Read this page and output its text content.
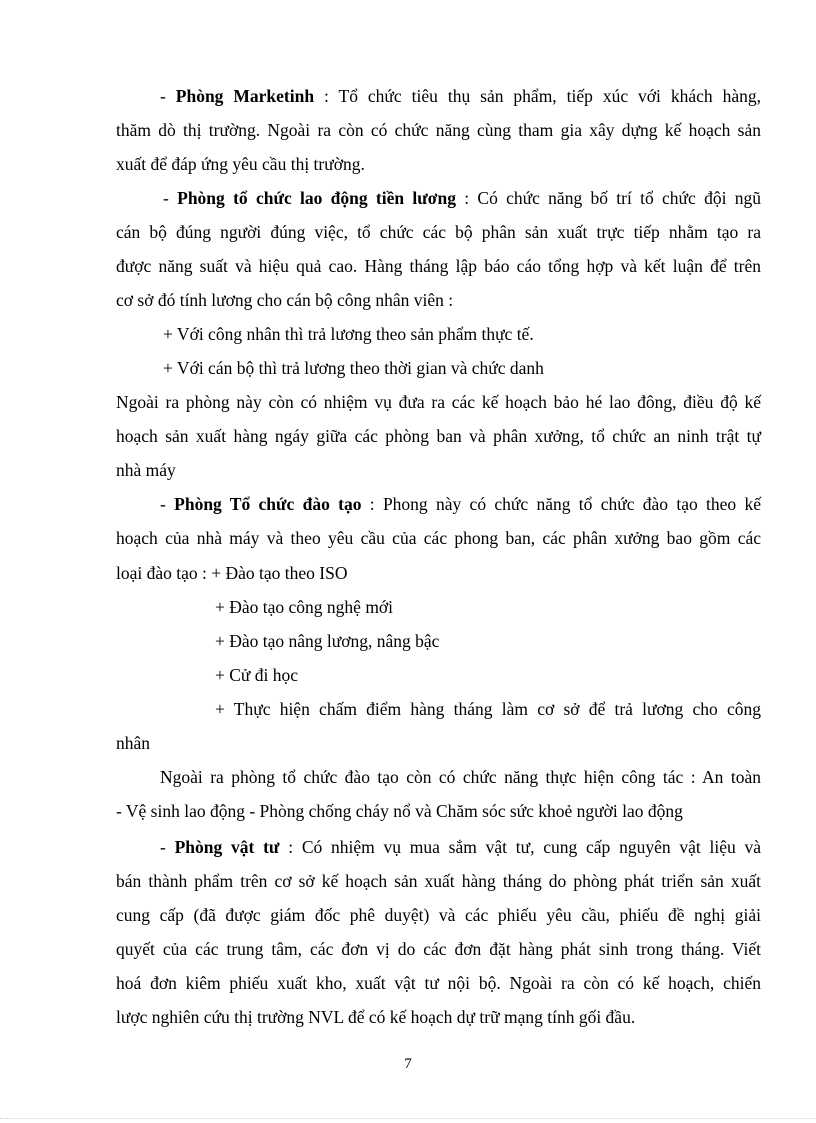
- Phòng Marketinh : Tổ chức tiêu thụ sản phẩm, tiếp xúc với khách hàng,
thăm dò thị trường. Ngoài ra còn có chức năng cùng tham gia xây dựng kế hoạch sản
xuất để đáp ứng yêu cầu thị trường.
- Phòng tổ chức lao động tiền lương : Có chức năng bố trí tổ chức đội ngũ
cán bộ đúng người đúng việc, tổ chức các bộ phân sản xuất trực tiếp nhằm tạo ra
được năng suất và hiệu quả cao. Hàng tháng lập báo cáo tổng hợp và kết luận để trên
cơ sở đó tính lương cho cán bộ công nhân viên :
+ Với công nhân thì trả lương theo sản phẩm thực tế.
+ Với cán bộ thì trả lương theo thời gian và chức danh
Ngoài ra phòng này còn có nhiệm vụ đưa ra các kế hoạch bảo hé lao đông, điều độ kế
hoạch sản xuất hàng ngáy giữa các phòng ban và phân xưởng, tổ chức an ninh trật tự
nhà máy
- Phòng Tổ chức đào tạo : Phong này có chức năng tổ chức đào tạo theo kế
hoạch của nhà máy và theo yêu cầu của các phong ban, các phân xưởng bao gồm các
loại đào tạo : + Đào tạo theo ISO
+ Đào tạo công nghệ mới
+ Đào tạo nâng lương, nâng bậc
+ Cử đi học
+ Thực hiện chấm điểm hàng tháng làm cơ sở để trả lương cho công
nhân
Ngoài ra phòng tổ chức đào tạo còn có chức năng thực hiện công tác : An toàn
- Vệ sinh lao động - Phòng chống cháy nổ và Chăm sóc sức khoẻ người lao động
- Phòng vật tư : Có nhiệm vụ mua sắm vật tư, cung cấp nguyên vật liệu và
bán thành phẩm trên cơ sở kế hoạch sản xuất hàng tháng do phòng phát triển sản xuất
cung cấp (đã được giám đốc phê duyệt) và các phiếu yêu cầu, phiếu đề nghị giải
quyết của các trung tâm, các đơn vị do các đơn đặt hàng phát sinh trong tháng. Viết
hoá đơn kiêm phiếu xuất kho, xuất vật tư nội bộ. Ngoài ra còn có kế hoạch, chiến
lược nghiên cứu thị trường NVL để có kế hoạch dự trữ mạng tính gối đầu.
7
